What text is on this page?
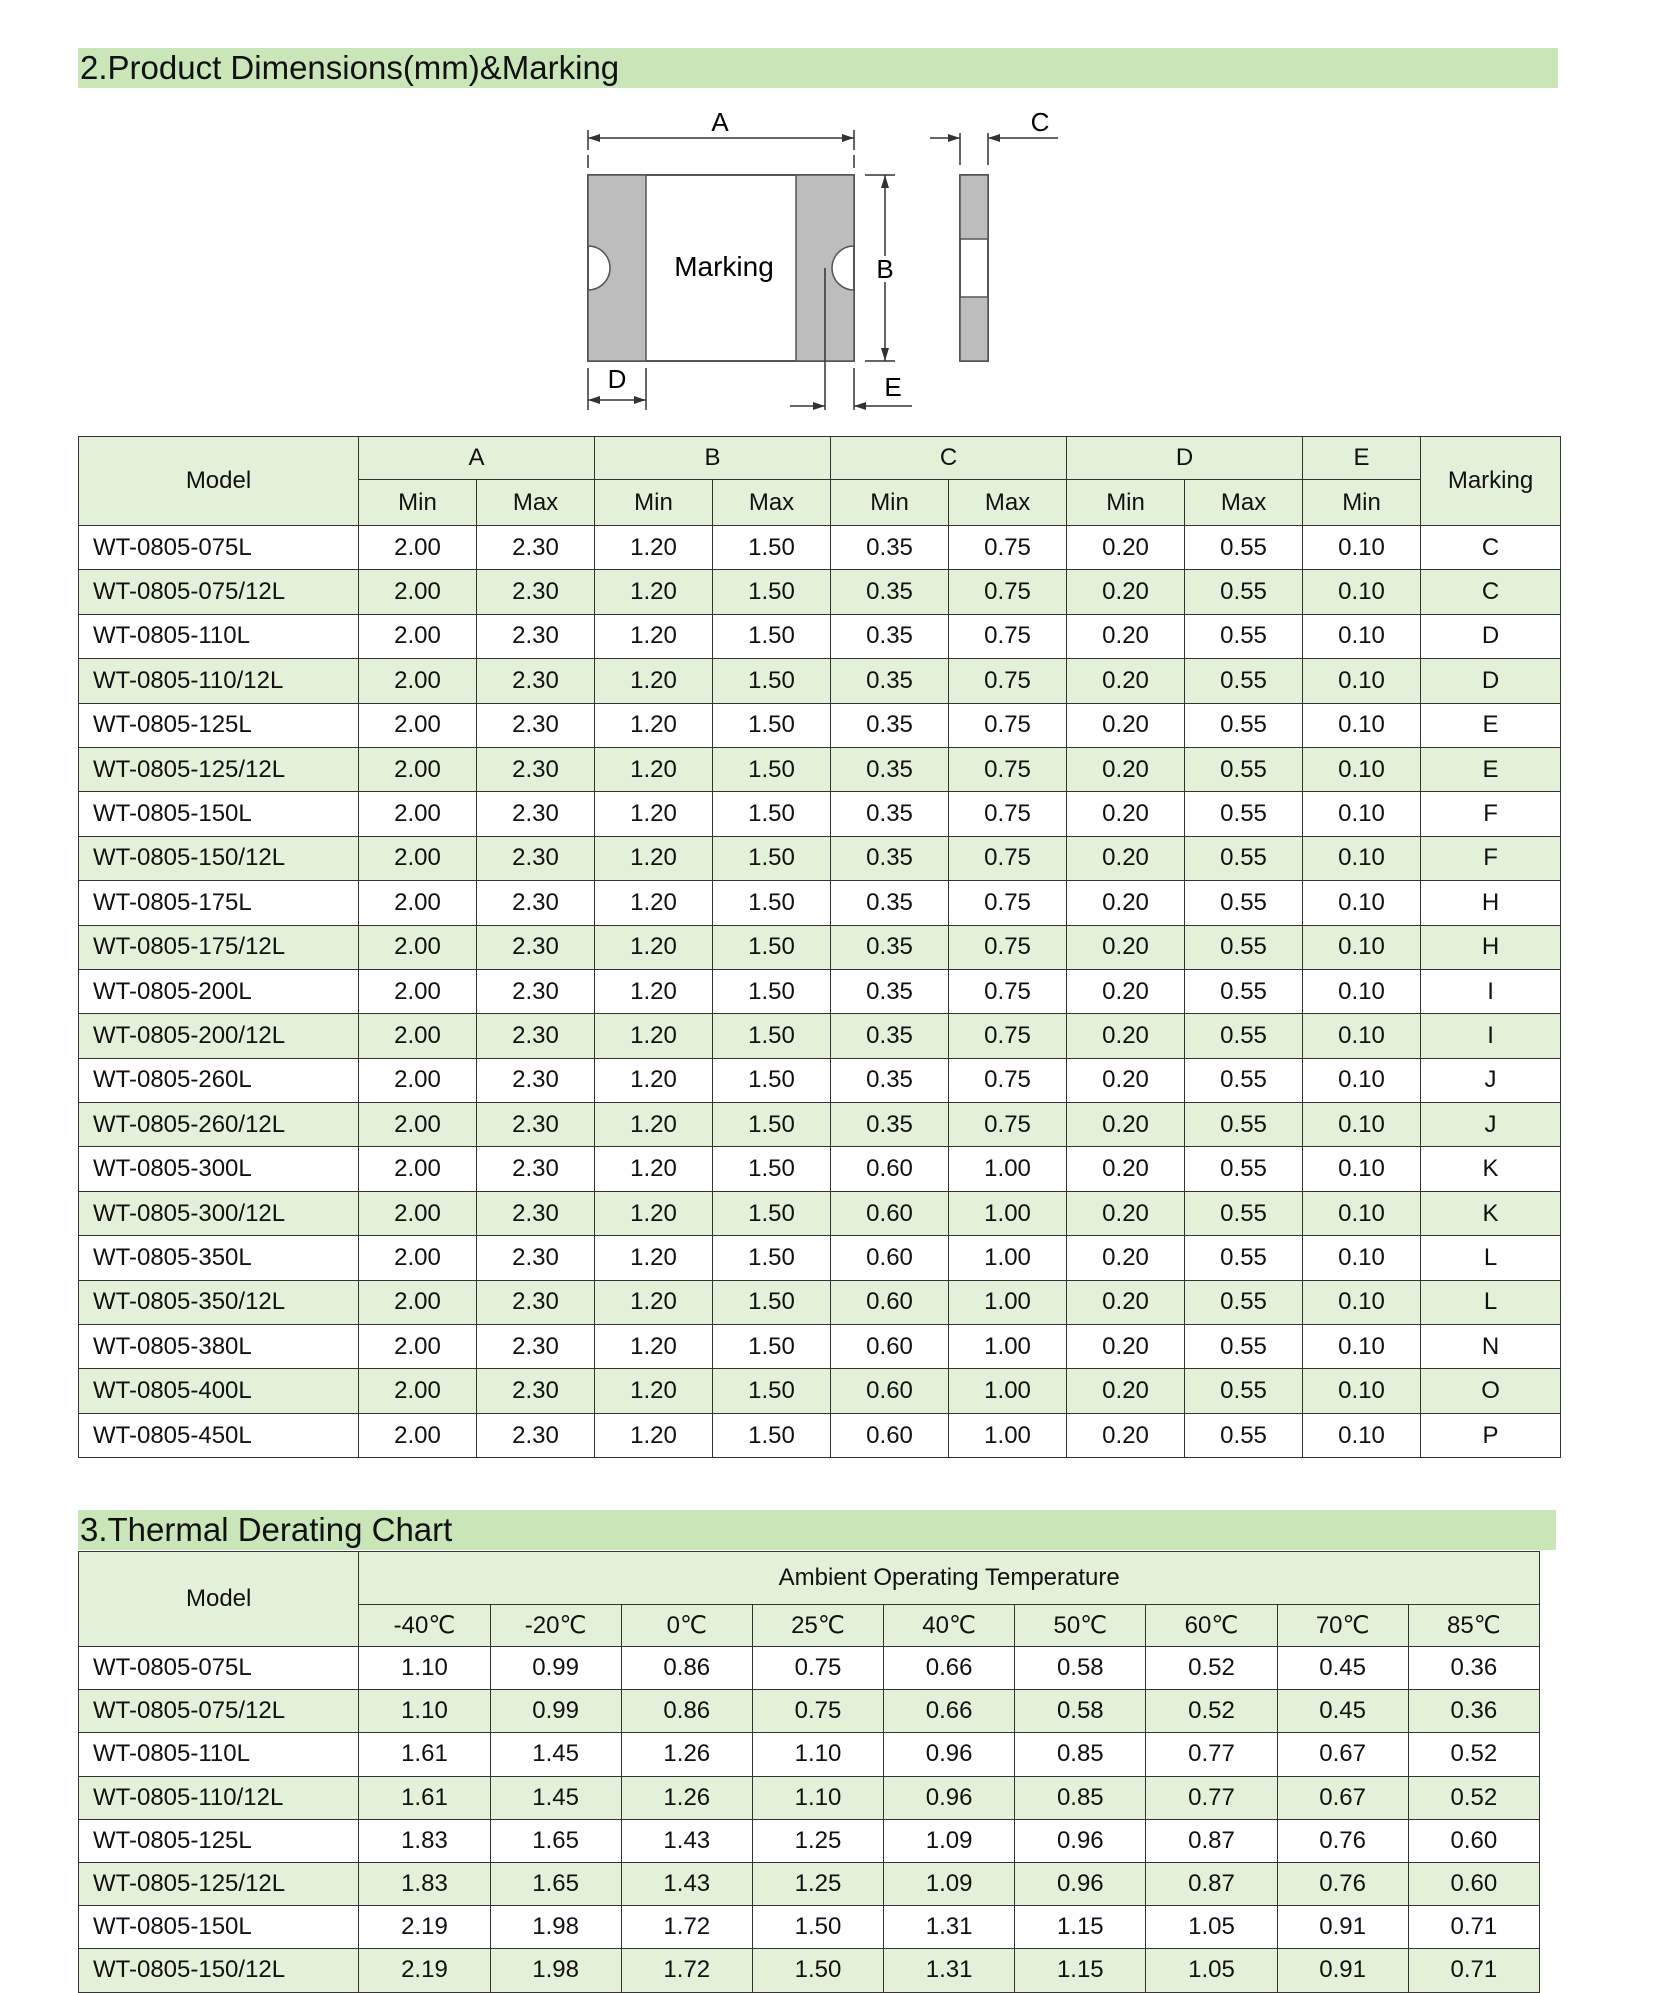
2.Product Dimensions(mm)&Marking
Marking
A
B
C
D	E
Model	A		B		C		D		E	Marking
	Min	Max	Min	Max	Min	Max	Min	Max	Min	
WT-0805-075L	2.00	2.30	1.20	1.50	0.35	0.75	0.20	0.55	0.10	C
WT-0805-075/12L	2.00	2.30	1.20	1.50	0.35	0.75	0.20	0.55	0.10	C
WT-0805-110L	2.00	2.30	1.20	1.50	0.35	0.75	0.20	0.55	0.10	D
WT-0805-110/12L	2.00	2.30	1.20	1.50	0.35	0.75	0.20	0.55	0.10	D
WT-0805-125L	2.00	2.30	1.20	1.50	0.35	0.75	0.20	0.55	0.10	E
WT-0805-125/12L	2.00	2.30	1.20	1.50	0.35	0.75	0.20	0.55	0.10	E
WT-0805-150L	2.00	2.30	1.20	1.50	0.35	0.75	0.20	0.55	0.10	F
WT-0805-150/12L	2.00	2.30	1.20	1.50	0.35	0.75	0.20	0.55	0.10	F
WT-0805-175L	2.00	2.30	1.20	1.50	0.35	0.75	0.20	0.55	0.10	H
WT-0805-175/12L	2.00	2.30	1.20	1.50	0.35	0.75	0.20	0.55	0.10	H
WT-0805-200L	2.00	2.30	1.20	1.50	0.35	0.75	0.20	0.55	0.10	I
WT-0805-200/12L	2.00	2.30	1.20	1.50	0.35	0.75	0.20	0.55	0.10	I
WT-0805-260L	2.00	2.30	1.20	1.50	0.35	0.75	0.20	0.55	0.10	J
WT-0805-260/12L	2.00	2.30	1.20	1.50	0.35	0.75	0.20	0.55	0.10	J
WT-0805-300L	2.00	2.30	1.20	1.50	0.60	1.00	0.20	0.55	0.10	K
WT-0805-300/12L	2.00	2.30	1.20	1.50	0.60	1.00	0.20	0.55	0.10	K
WT-0805-350L	2.00	2.30	1.20	1.50	0.60	1.00	0.20	0.55	0.10	L
WT-0805-350/12L	2.00	2.30	1.20	1.50	0.60	1.00	0.20	0.55	0.10	L
WT-0805-380L	2.00	2.30	1.20	1.50	0.60	1.00	0.20	0.55	0.10	N
WT-0805-400L	2.00	2.30	1.20	1.50	0.60	1.00	0.20	0.55	0.10	O
WT-0805-450L	2.00	2.30	1.20	1.50	0.60	1.00	0.20	0.55	0.10	P
3.Thermal Derating Chart
Model	Ambient Operating Temperature								
	-40℃	-20℃	0℃	25℃	40℃	50℃	60℃	70℃	85℃
WT-0805-075L	1.10	0.99	0.86	0.75	0.66	0.58	0.52	0.45	0.36
WT-0805-075/12L	1.10	0.99	0.86	0.75	0.66	0.58	0.52	0.45	0.36
WT-0805-110L	1.61	1.45	1.26	1.10	0.96	0.85	0.77	0.67	0.52
WT-0805-110/12L	1.61	1.45	1.26	1.10	0.96	0.85	0.77	0.67	0.52
WT-0805-125L	1.83	1.65	1.43	1.25	1.09	0.96	0.87	0.76	0.60
WT-0805-125/12L	1.83	1.65	1.43	1.25	1.09	0.96	0.87	0.76	0.60
WT-0805-150L	2.19	1.98	1.72	1.50	1.31	1.15	1.05	0.91	0.71
WT-0805-150/12L	2.19	1.98	1.72	1.50	1.31	1.15	1.05	0.91	0.71
